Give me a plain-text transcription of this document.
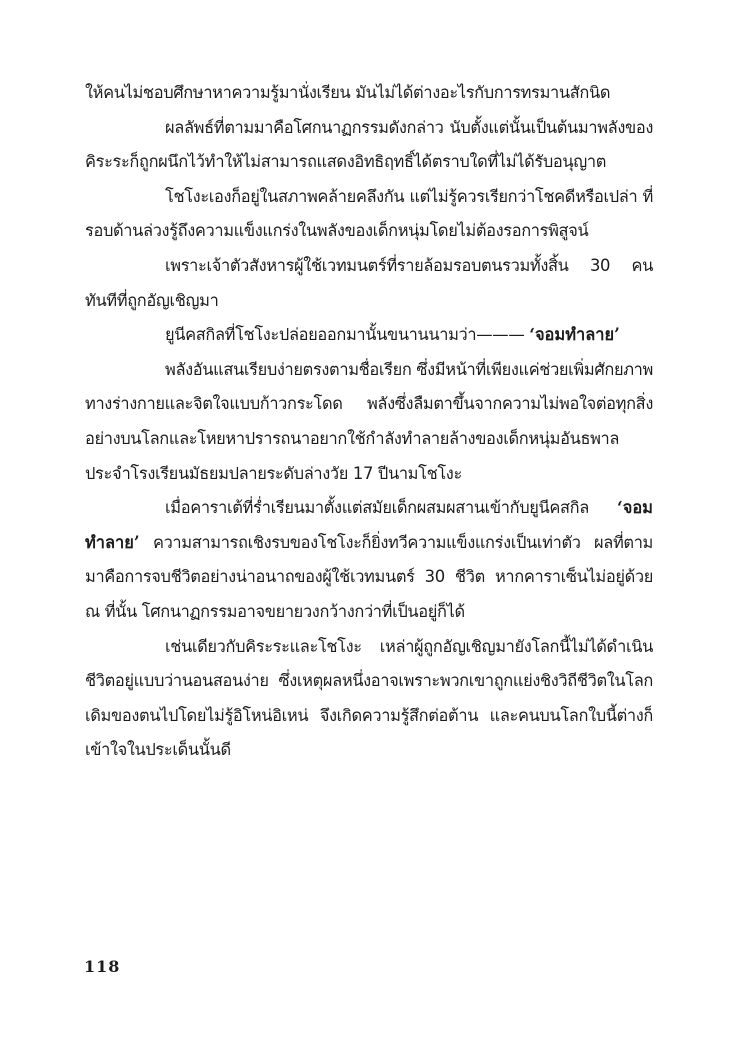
ให้คนไม่ชอบศึกษาหาความรู้มานั่งเรียน มันไม่ได้ต่างอะไรกับการทรมานสักนิด

ผลลัพธ์ที่ตามมาคือโศกนาฏกรรมดังกล่าว นับตั้งแต่นั้นเป็นต้นมาพลังของคิระระก็ถูกผนึกไว้ทำให้ไม่สามารถแสดงอิทธิฤทธิ์ได้ตราบใดที่ไม่ได้รับอนุญาต

โชโงะเองก็อยู่ในสภาพคล้ายคลึงกัน แต่ไม่รู้ควรเรียกว่าโชคดีหรือเปล่า ที่รอบด้านล่วงรู้ถึงความแข็งแกร่งในพลังของเด็กหนุ่มโดยไม่ต้องรอการพิสูจน์

เพราะเจ้าตัวสังหารผู้ใช้เวทมนตร์ที่รายล้อมรอบตนรวมทั้งสิ้น 30 คน ทันทีที่ถูกอัญเชิญมา

ยูนีคสกิลที่โชโงะปล่อยออกมานั้นขนานนามว่า——— ‘จอมทำลาย’

พลังอันแสนเรียบง่ายตรงตามชื่อเรียก ซึ่งมีหน้าที่เพียงแค่ช่วยเพิ่มศักยภาพทางร่างกายและจิตใจแบบก้าวกระโดด พลังซึ่งลืมตาขึ้นจากความไม่พอใจต่อทุกสิ่งอย่างบนโลกและโหยหาปรารถนาอยากใช้กำลังทำลายล้างของเด็กหนุ่มอันธพาลประจำโรงเรียนมัธยมปลายระดับล่างวัย 17 ปีนามโชโงะ

เมื่อคาราเต้ที่ร่ำเรียนมาตั้งแต่สมัยเด็กผสมผสานเข้ากับยูนีคสกิล ‘จอมทำลาย’ ความสามารถเชิงรบของโชโงะก็ยิ่งทวีความแข็งแกร่งเป็นเท่าตัว ผลที่ตามมาคือการจบชีวิตอย่างน่าอนาถของผู้ใช้เวทมนตร์ 30 ชีวิต หากคาราเซ็นไม่อยู่ด้วย ณ ที่นั้น โศกนาฏกรรมอาจขยายวงกว้างกว่าที่เป็นอยู่ก็ได้

เช่นเดียวกับคิระระและโชโงะ เหล่าผู้ถูกอัญเชิญมายังโลกนี้ไม่ได้ดำเนินชีวิตอยู่แบบว่านอนสอนง่าย ซึ่งเหตุผลหนึ่งอาจเพราะพวกเขาถูกแย่งชิงวิถีชีวิตในโลกเดิมของตนไปโดยไม่รู้อิโหน่อิเหน่ จึงเกิดความรู้สึกต่อต้าน และคนบนโลกใบนี้ต่างก็เข้าใจในประเด็นนั้นดี

118
